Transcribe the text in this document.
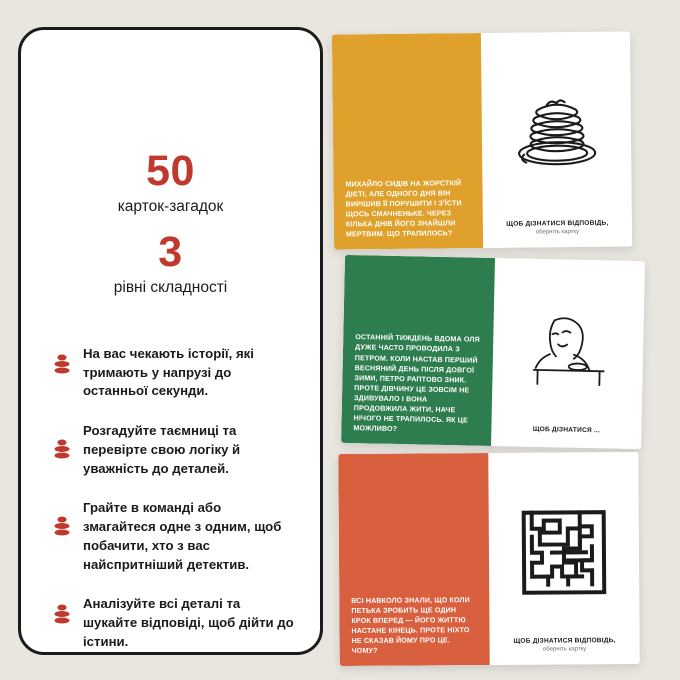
50
карток-загадок
3
рівні складності
На вас чекають історії, які тримають у напрузі до останньої секунди.
Розгадуйте таємниці та перевірте свою логіку й уважність до деталей.
Грайте в команді або змагайтеся одне з одним, щоб побачити, хто з вас найспритніший детектив.
Аналізуйте всі деталі та шукайте відповіді, щоб дійти до істини.
МИХАЙЛО СИДІВ НА ЖОРСТКІЙ ДІЄТІ, АЛЕ ОДНОГО ДНЯ ВІН ВИРІШИВ ЇЇ ПОРУШИТИ І З'ЇСТИ ЩОСЬ СМАЧНЕНЬКЕ. ЧЕРЕЗ КІЛЬКА ДНІВ ЙОГО ЗНАЙШЛИ МЕРТВИМ. ЩО ТРАПИЛОСЬ?
ЩОБ ДІЗНАТИСЯ ВІДПОВІДЬ,
оберніть картку
ОСТАННІЙ ТИЖДЕНЬ ВДОМА ОЛЯ ДУЖЕ ЧАСТО ПРОВОДИЛА З ПЕТРОМ. КОЛИ НАСТАВ ПЕРШИЙ ВЕСНЯНИЙ ДЕНЬ ПІСЛЯ ДОВГОЇ ЗИМИ, ПЕТРО РАПТОВО ЗНИК. ПРОТЕ ДІВЧИНУ ЦЕ ЗОВСІМ НЕ ЗДИВУВАЛО І ВОНА ПРОДОВЖИЛА ЖИТИ, НАЧЕ НІЧОГО НЕ ТРАПИЛОСЬ. ЯК ЦЕ МОЖЛИВО?	ЩОБ ДІЗНАТИСЯ ...
ВСІ НАВКОЛО ЗНАЛИ, ЩО КОЛИ ПЕТЬКА ЗРОБИТЬ ЩЕ ОДИН КРОК ВПЕРЕД — ЙОГО ЖИТТЮ НАСТАНЕ КІНЕЦЬ. ПРОТЕ НІХТО НЕ СКАЗАВ ЙОМУ ПРО ЦЕ. ЧОМУ?
ЩОБ ДІЗНАТИСЯ ВІДПОВІДЬ,
оберніть картку
